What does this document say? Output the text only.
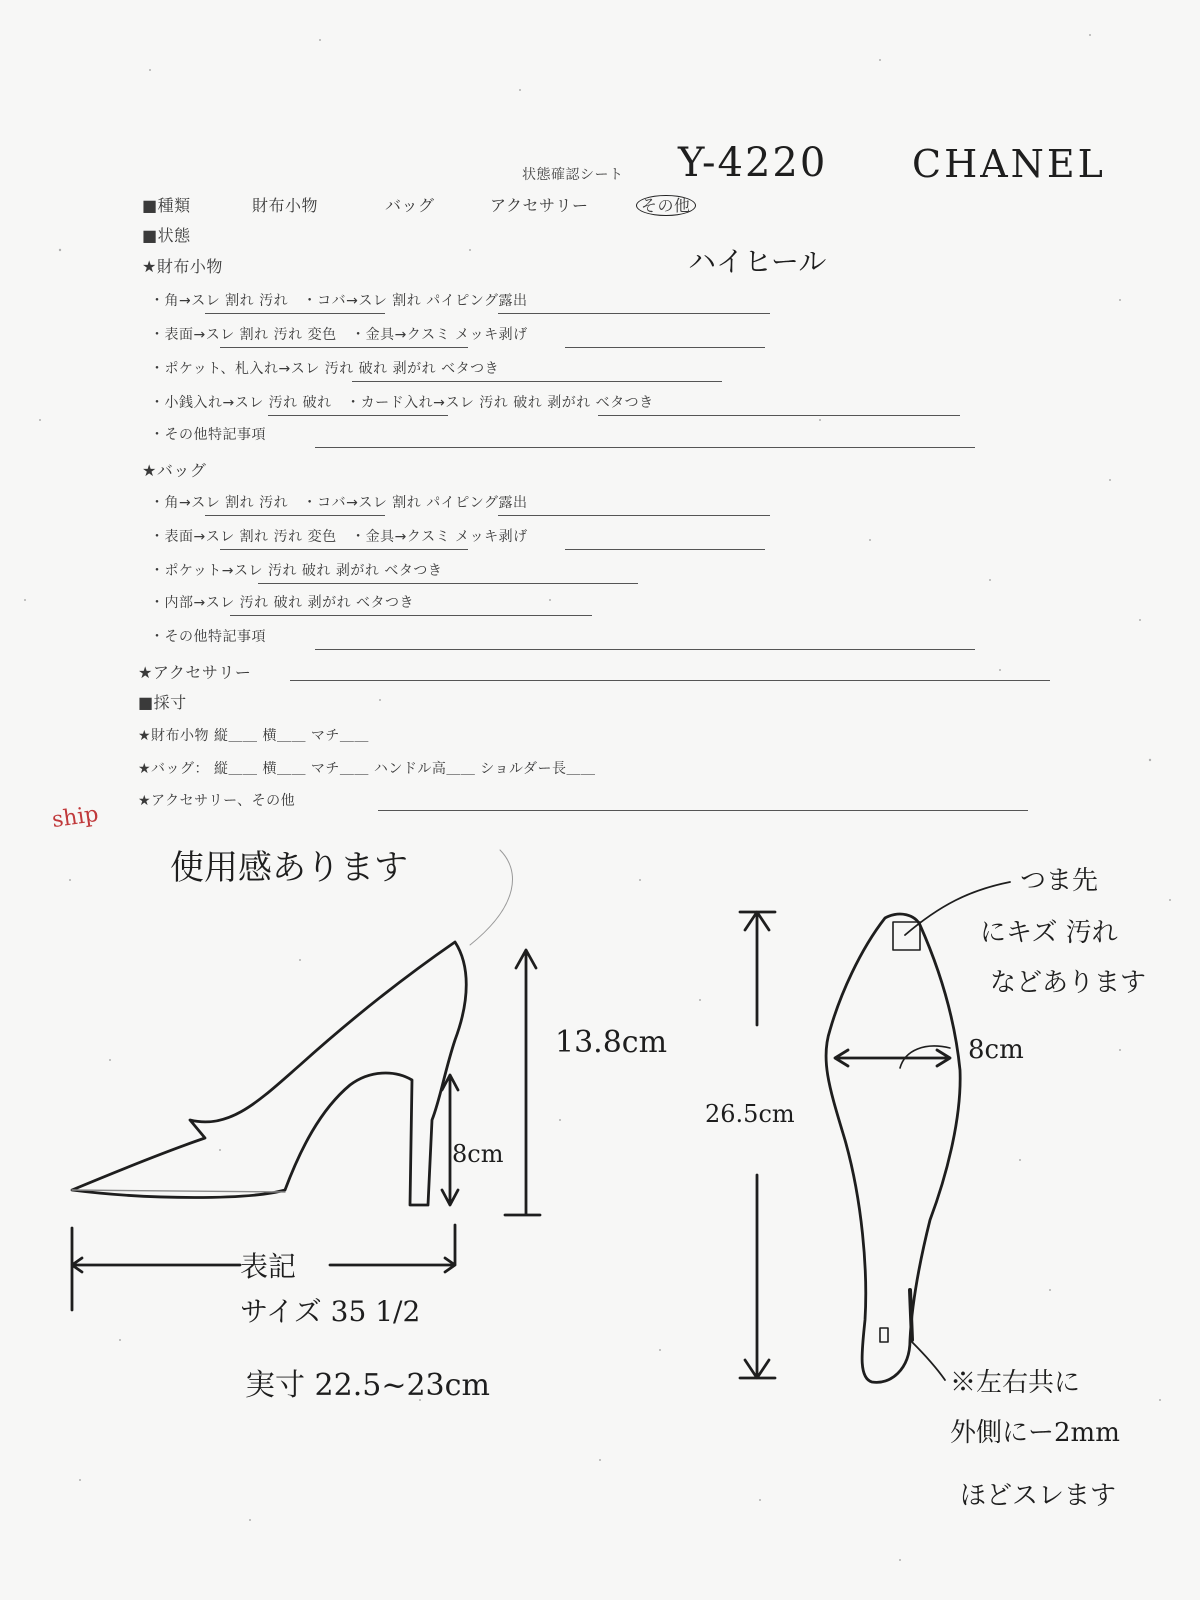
状態確認シート Y-4220 CHANEL
■種類	財布小物	バッグ	アクセサリー	その他
■状態
ハイヒール
★財布小物
・角→スレ 割れ 汚れ　・コバ→スレ 割れ パイピング露出
・表面→スレ 割れ 汚れ 変色　・金具→クスミ メッキ剥げ
・ポケット、札入れ→スレ 汚れ 破れ 剥がれ ベタつき
・小銭入れ→スレ 汚れ 破れ　・カード入れ→スレ 汚れ 破れ 剥がれ ベタつき
・その他特記事項
★バッグ
・角→スレ 割れ 汚れ　・コバ→スレ 割れ パイピング露出
・表面→スレ 割れ 汚れ 変色　・金具→クスミ メッキ剥げ
・ポケット→スレ 汚れ 破れ 剥がれ ベタつき
・内部→スレ 汚れ 破れ 剥がれ ベタつき
・その他特記事項
★アクセサリー
■採寸
★財布小物 縦＿＿ 横＿＿ マチ＿＿
★バッグ： 縦＿＿ 横＿＿ マチ＿＿ ハンドル高＿＿ ショルダー長＿＿
★アクセサリー、その他
ship
使用感あります
13.8cm
8cm
表記
サイズ 35 1/2
実寸 22.5~23cm
26.5cm
8cm
つま先
にキズ 汚れ
などあります
※左右共に
外側にー2mm
ほどスレます
